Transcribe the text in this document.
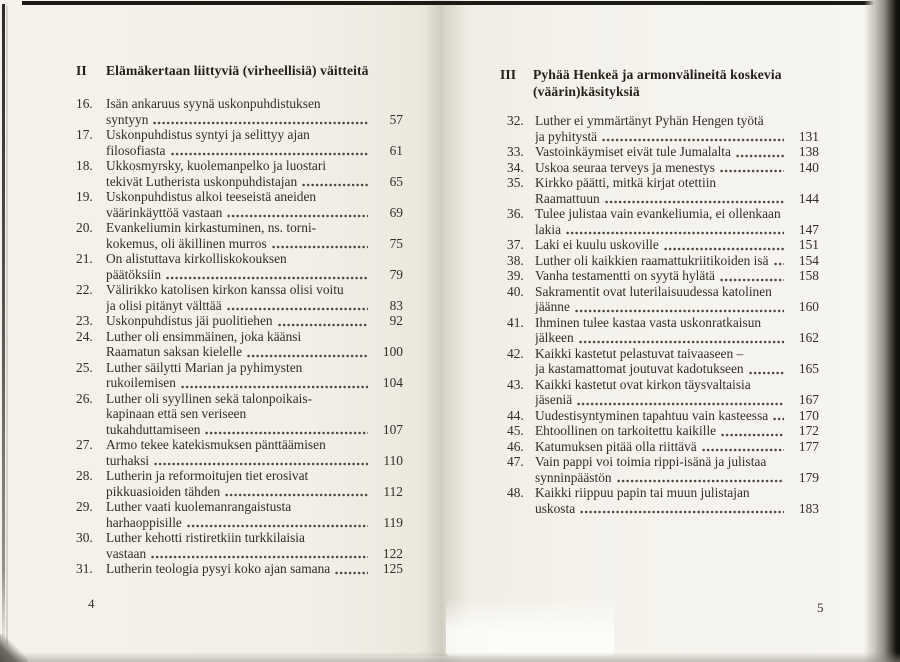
II	Elämäkertaan liittyviä (virheellisiä) väitteitä
16. Isän ankaruus syynä uskonpuhdistuksen
syntyyn	57
17. Uskonpuhdistus syntyi ja selittyy ajan
filosofiasta	61
18. Ukkosmyrsky, kuolemanpelko ja luostari
tekivät Lutherista uskonpuhdistajan	65
19. Uskonpuhdistus alkoi teeseistä aneiden
väärinkäyttöä vastaan	69
20. Evankeliumin kirkastuminen, ns. torni-
kokemus, oli äkillinen murros	75
21. On alistuttava kirkolliskokouksen
päätöksiin	79
22. Välirikko katolisen kirkon kanssa olisi voitu
ja olisi pitänyt välttää	83
23. Uskonpuhdistus jäi puolitiehen	92
24. Luther oli ensimmäinen, joka käänsi
Raamatun saksan kielelle	100
25. Luther säilytti Marian ja pyhimysten
rukoilemisen	104
26. Luther oli syyllinen sekä talonpoikais-
kapinaan että sen veriseen
tukahduttamiseen	107
27. Armo tekee katekismuksen pänttäämisen
turhaksi	110
28. Lutherin ja reformoitujen tiet erosivat
pikkuasioiden tähden	112
29. Luther vaati kuolemanrangaistusta
harhaoppisille	119
30. Luther kehotti ristiretkiin turkkilaisia
vastaan	122
31. Lutherin teologia pysyi koko ajan samana	125
4
III	Pyhää Henkeä ja armonvälineitä koskevia
(väärin)käsityksiä
32. Luther ei ymmärtänyt Pyhän Hengen työtä
ja pyhitystä	131
33. Vastoinkäymiset eivät tule Jumalalta	138
34. Uskoa seuraa terveys ja menestys	140
35. Kirkko päätti, mitkä kirjat otettiin
Raamattuun	144
36. Tulee julistaa vain evankeliumia, ei ollenkaan
lakia	147
37. Laki ei kuulu uskoville	151
38. Luther oli kaikkien raamattukriitikoiden isä	154
39. Vanha testamentti on syytä hylätä	158
40. Sakramentit ovat luterilaisuudessa katolinen
jäänne	160
41. Ihminen tulee kastaa vasta uskonratkaisun
jälkeen	162
42. Kaikki kastetut pelastuvat taivaaseen –
ja kastamattomat joutuvat kadotukseen	165
43. Kaikki kastetut ovat kirkon täysvaltaisia
jäseniä	167
44. Uudestisyntyminen tapahtuu vain kasteessa	170
45. Ehtoollinen on tarkoitettu kaikille	172
46. Katumuksen pitää olla riittävä	177
47. Vain pappi voi toimia rippi-isänä ja julistaa
synninpäästön	179
48. Kaikki riippuu papin tai muun julistajan
uskosta	183
5
